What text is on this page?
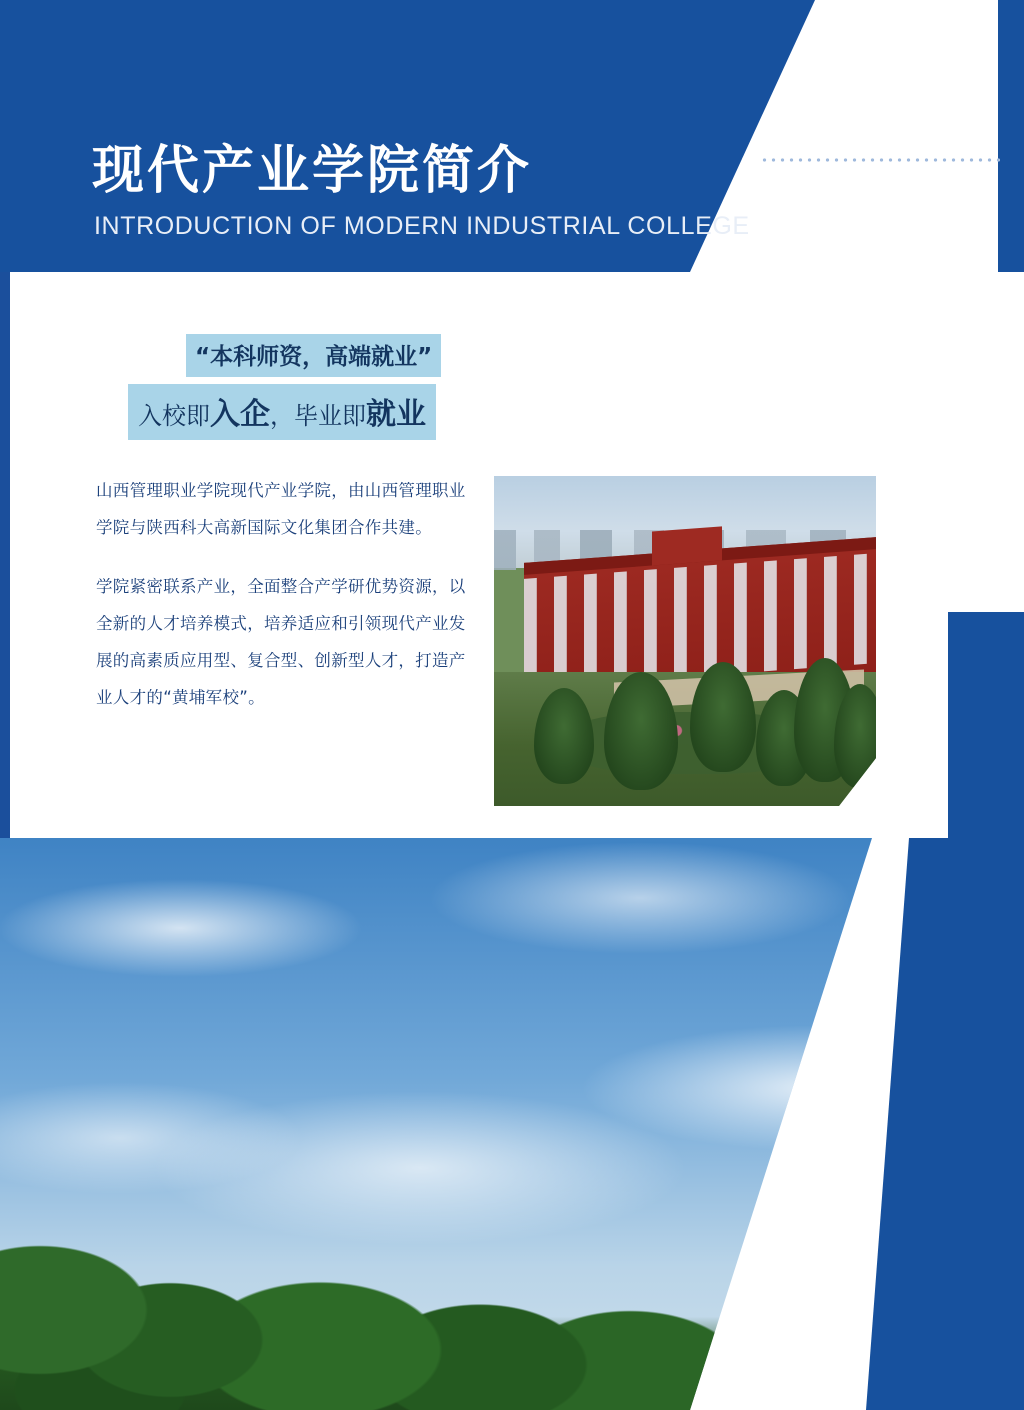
现代产业学院简介
INTRODUCTION OF MODERN INDUSTRIAL COLLEGE
“本科师资，高端就业”
入校即入企，毕业即就业

山西管理职业学院现代产业学院，由山西管理职业学院与陕西科大高新国际文化集团合作共建。

学院紧密联系产业，全面整合产学研优势资源，以全新的人才培养模式，培养适应和引领现代产业发展的高素质应用型、复合型、创新型人才，打造产业人才的“黄埔军校”。
